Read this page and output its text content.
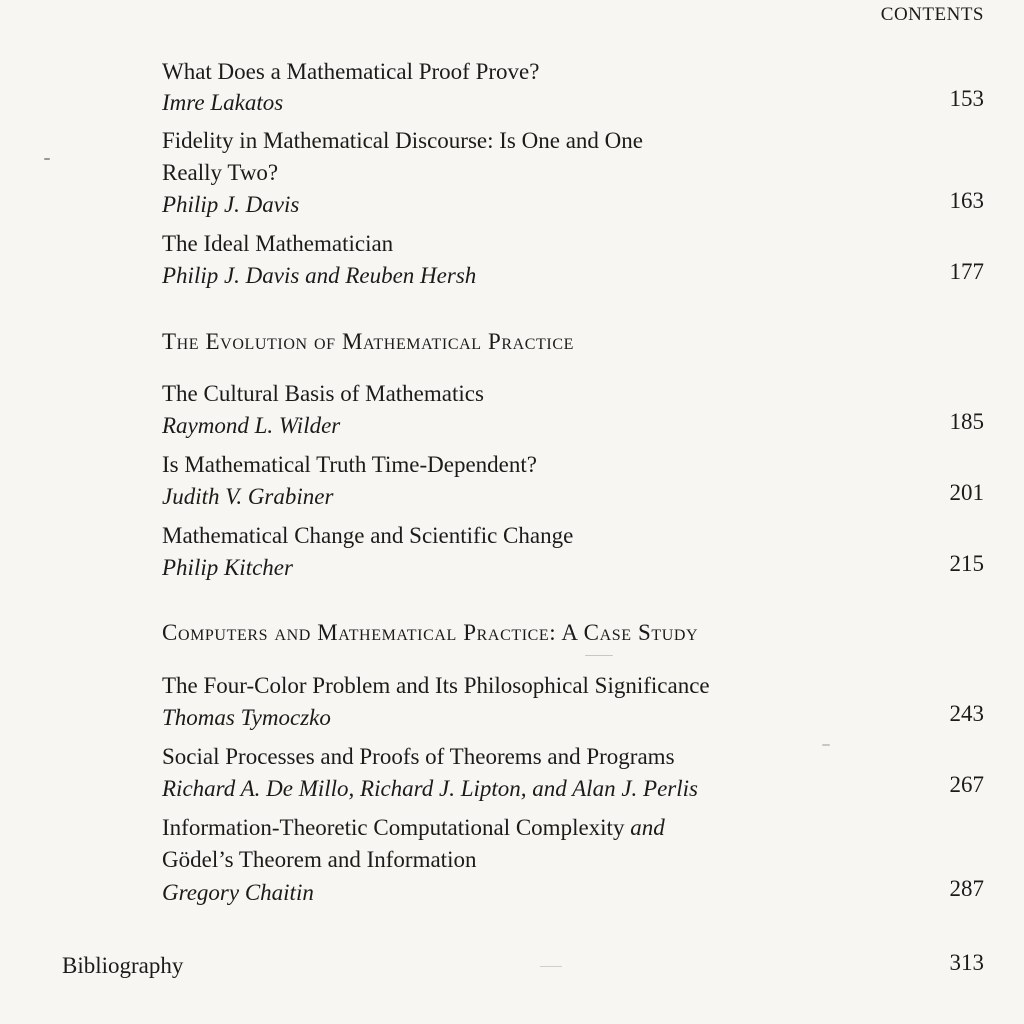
CONTENTS
What Does a Mathematical Proof Prove?
Imre Lakatos	153
Fidelity in Mathematical Discourse: Is One and One
Really Two?
Philip J. Davis	163
The Ideal Mathematician
Philip J. Davis and Reuben Hersh	177
The Evolution of Mathematical Practice
The Cultural Basis of Mathematics
Raymond L. Wilder	185
Is Mathematical Truth Time-Dependent?
Judith V. Grabiner	201
Mathematical Change and Scientific Change
Philip Kitcher	215
Computers and Mathematical Practice: A Case Study
The Four-Color Problem and Its Philosophical Significance
Thomas Tymoczko	243
Social Processes and Proofs of Theorems and Programs
Richard A. De Millo, Richard J. Lipton, and Alan J. Perlis	267
Information-Theoretic Computational Complexity and
Gödel’s Theorem and Information
Gregory Chaitin	287
Bibliography	313
